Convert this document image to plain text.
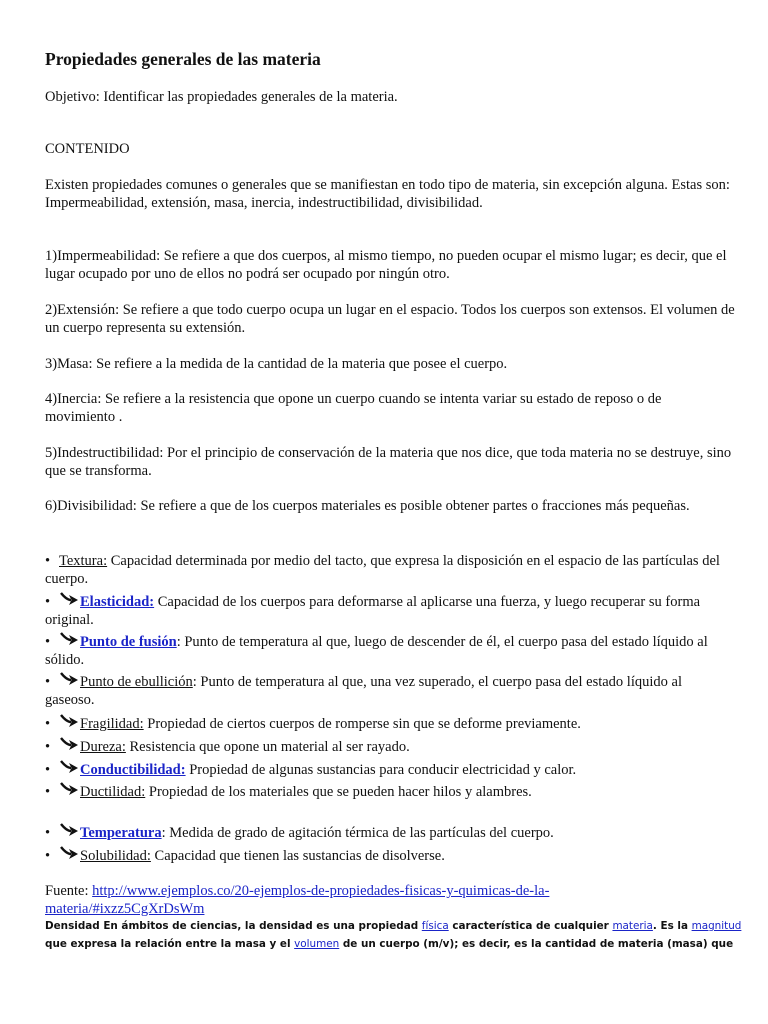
Propiedades generales de las materia

Objetivo: Identificar las propiedades generales de la materia.

CONTENIDO

Existen propiedades comunes o generales que se manifiestan en todo tipo de materia, sin excepción alguna. Estas son: Impermeabilidad, extensión, masa, inercia, indestructibilidad, divisibilidad.

1)Impermeabilidad: Se refiere a que dos cuerpos, al mismo tiempo, no pueden ocupar el mismo lugar; es decir, que el lugar ocupado por uno de ellos no podrá ser ocupado por ningún otro.

2)Extensión: Se refiere a que todo cuerpo ocupa un lugar en el espacio. Todos los cuerpos son extensos. El volumen de un cuerpo representa su extensión.

3)Masa: Se refiere a la medida de la cantidad de la materia que posee el cuerpo.

4)Inercia: Se refiere a la resistencia que opone un cuerpo cuando se intenta variar su estado de reposo o de movimiento .

5)Indestructibilidad: Por el principio de conservación de la materia que nos dice, que toda materia no se destruye, sino que se transforma.

6)Divisibilidad: Se refiere a que de los cuerpos materiales es posible obtener partes o fracciones más pequeñas.

• Textura: Capacidad determinada por medio del tacto, que expresa la disposición en el espacio de las partículas del cuerpo.

• Elasticidad: Capacidad de los cuerpos para deformarse al aplicarse una fuerza, y luego recuperar su forma original.

• Punto de fusión: Punto de temperatura al que, luego de descender de él, el cuerpo pasa del estado líquido al sólido.

• Punto de ebullición: Punto de temperatura al que, una vez superado, el cuerpo pasa del estado líquido al gaseoso.

• Fragilidad: Propiedad de ciertos cuerpos de romperse sin que se deforme previamente.

• Dureza: Resistencia que opone un material al ser rayado.

• Conductibilidad: Propiedad de algunas sustancias para conducir electricidad y calor.

• Ductilidad: Propiedad de los materiales que se pueden hacer hilos y alambres.

• Temperatura: Medida de grado de agitación térmica de las partículas del cuerpo.

• Solubilidad: Capacidad que tienen las sustancias de disolverse.

Fuente: http://www.ejemplos.co/20-ejemplos-de-propiedades-fisicas-y-quimicas-de-la-materia/#ixzz5CgXrDsWm

Densidad En ámbitos de ciencias, la densidad es una propiedad física característica de cualquier materia. Es la magnitud

que expresa la relación entre la masa y el volumen de un cuerpo (m/v); es decir, es la cantidad de materia (masa) que
